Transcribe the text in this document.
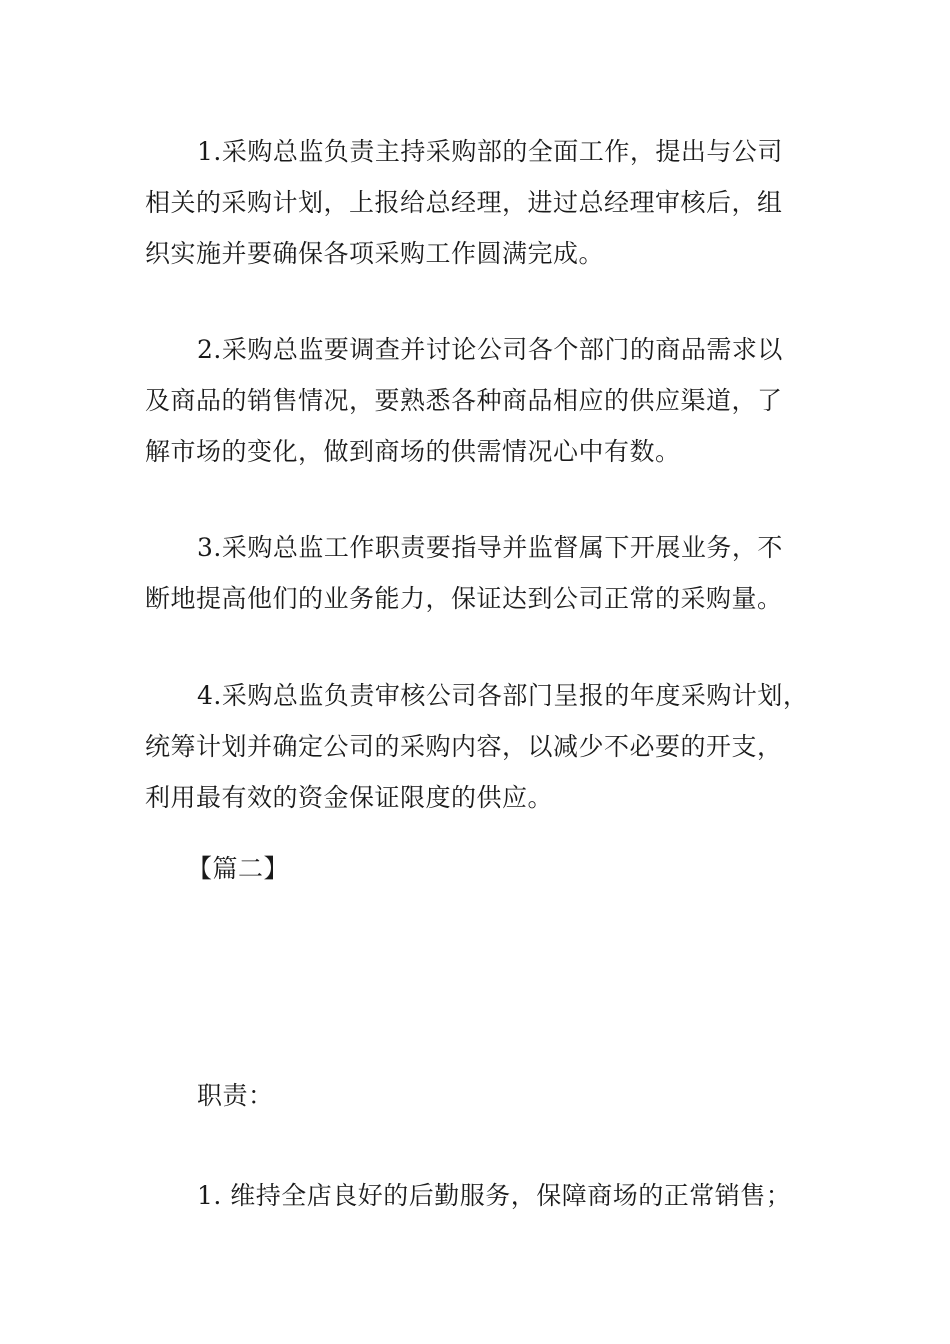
1.采购总监负责主持采购部的全面工作，提出与公司
相关的采购计划，上报给总经理，进过总经理审核后，组
织实施并要确保各项采购工作圆满完成。
2.采购总监要调查并讨论公司各个部门的商品需求以
及商品的销售情况，要熟悉各种商品相应的供应渠道，了
解市场的变化，做到商场的供需情况心中有数。
3.采购总监工作职责要指导并监督属下开展业务，不
断地提高他们的业务能力，保证达到公司正常的采购量。
4.采购总监负责审核公司各部门呈报的年度采购计划，
统筹计划并确定公司的采购内容，以减少不必要的开支，
利用最有效的资金保证限度的供应。
【篇二】
职责：
1. 维持全店良好的后勤服务，保障商场的正常销售；
